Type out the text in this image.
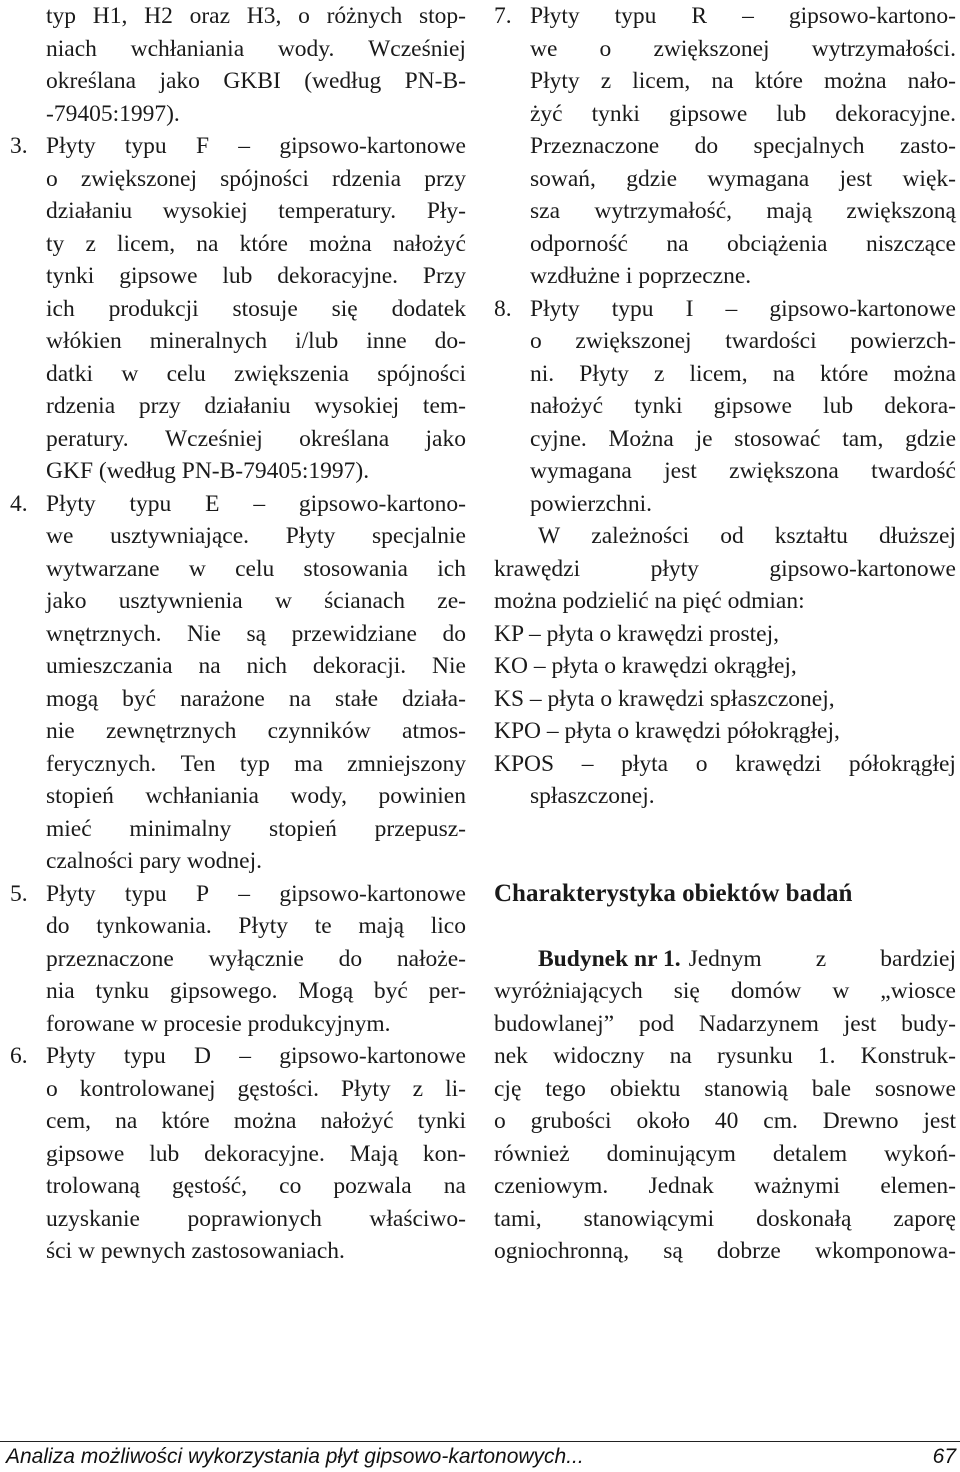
typ H1, H2 oraz H3, o różnych stop-
niach wchłaniania wody. Wcześniej
określana jako GKBI (według PN-B-
-79405:1997).
3. Płyty typu F – gipsowo-kartonowe
o zwiększonej spójności rdzenia przy
działaniu wysokiej temperatury. Pły-
ty z licem, na które można nałożyć
tynki gipsowe lub dekoracyjne. Przy
ich produkcji stosuje się dodatek
włókien mineralnych i/lub inne do-
datki w celu zwiększenia spójności
rdzenia przy działaniu wysokiej tem-
peratury. Wcześniej określana jako
GKF (według PN-B-79405:1997).
4. Płyty typu E – gipsowo-kartono-
we usztywniające. Płyty specjalnie
wytwarzane w celu stosowania ich
jako usztywnienia w ścianach ze-
wnętrznych. Nie są przewidziane do
umieszczania na nich dekoracji. Nie
mogą być narażone na stałe działa-
nie zewnętrznych czynników atmos-
ferycznych. Ten typ ma zmniejszony
stopień wchłaniania wody, powinien
mieć minimalny stopień przepusz-
czalności pary wodnej.
5. Płyty typu P – gipsowo-kartonowe
do tynkowania. Płyty te mają lico
przeznaczone wyłącznie do nałoże-
nia tynku gipsowego. Mogą być per-
forowane w procesie produkcyjnym.
6. Płyty typu D – gipsowo-kartonowe
o kontrolowanej gęstości. Płyty z li-
cem, na które można nałożyć tynki
gipsowe lub dekoracyjne. Mają kon-
trolowaną gęstość, co pozwala na
uzyskanie poprawionych właściwo-
ści w pewnych zastosowaniach.
7. Płyty typu R – gipsowo-kartono-
we o zwiększonej wytrzymałości.
Płyty z licem, na które można nało-
żyć tynki gipsowe lub dekoracyjne.
Przeznaczone do specjalnych zasto-
sowań, gdzie wymagana jest więk-
sza wytrzymałość, mają zwiększoną
odporność na obciążenia niszczące
wzdłużne i poprzeczne.
8. Płyty typu I – gipsowo-kartonowe
o zwiększonej twardości powierzch-
ni. Płyty z licem, na które można
nałożyć tynki gipsowe lub dekora-
cyjne. Można je stosować tam, gdzie
wymagana jest zwiększona twardość
powierzchni.
W zależności od kształtu dłuższej
krawędzi	płyty	gipsowo-kartonowe
można podzielić na pięć odmian:
KP – płyta o krawędzi prostej,
KO – płyta o krawędzi okrągłej,
KS – płyta o krawędzi spłaszczonej,
KPO – płyta o krawędzi półokrągłej,
KPOS – płyta o krawędzi półokrągłej
spłaszczonej.
Charakterystyka obiektów badań
Budynek nr 1. Jednym z bardziej
wyróżniających się domów w „wiosce
budowlanej” pod Nadarzynem jest budy-
nek widoczny na rysunku 1. Konstruk-
cję tego obiektu stanowią bale sosnowe
o grubości około 40 cm. Drewno jest
również dominującym detalem wykoń-
czeniowym. Jednak ważnymi elemen-
tami, stanowiącymi doskonałą zaporę
ogniochronną, są dobrze wkomponowa-
Analiza możliwości wykorzystania płyt gipsowo-kartonowych...	67
